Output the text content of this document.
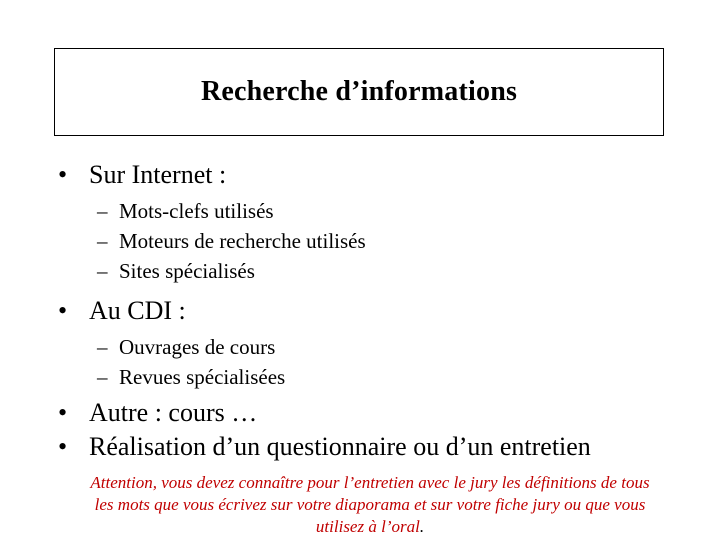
Recherche d’informations
• Sur Internet :
– Mots-clefs utilisés
– Moteurs de recherche utilisés
– Sites spécialisés
• Au CDI :
– Ouvrages de cours
– Revues spécialisées
• Autre : cours …
• Réalisation d’un questionnaire ou d’un entretien
Attention, vous devez connaître pour l’entretien avec le jury les définitions de tous les mots que vous écrivez sur votre diaporama et sur votre fiche jury ou que vous utilisez à l’oral.
